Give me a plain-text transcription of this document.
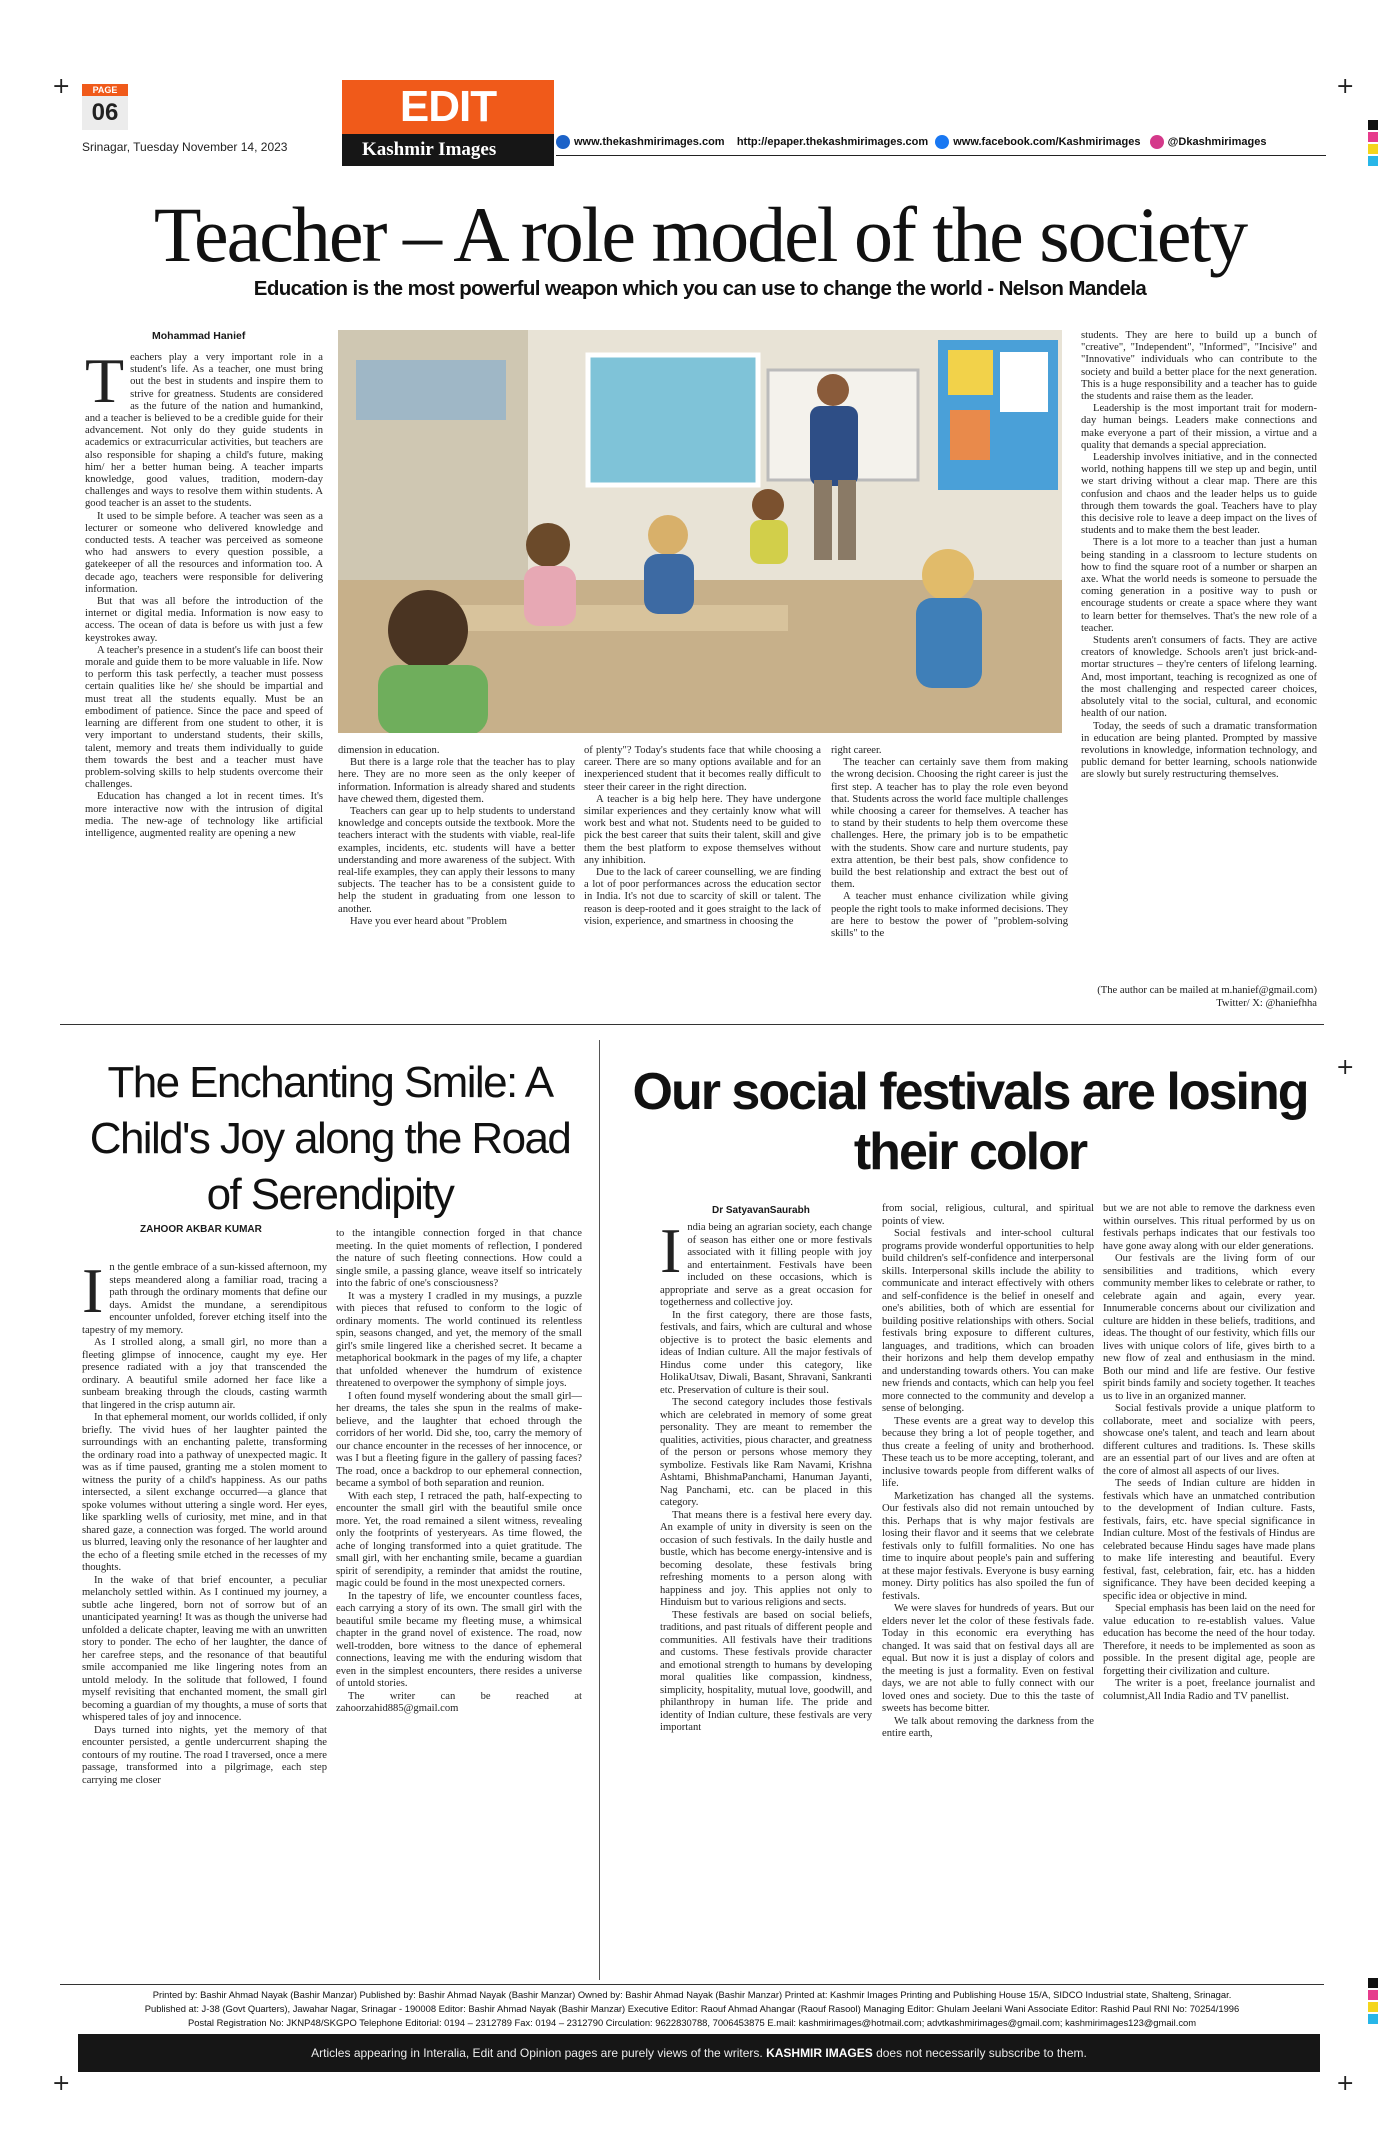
+	+
+
+	+
PAGE
06
Srinagar, Tuesday November 14, 2023
EDIT
Kashmir Images	www.thekashmirimages.com http://epaper.thekashmirimages.com www.facebook.com/Kashmirimages @Dkashmirimages
Teacher – A role model of the society
Education is the most powerful weapon which you can use to change the world - Nelson Mandela
Mohammad Hanief
T eachers play a very important role in a student's life. As a teacher, one must bring out the best in students and inspire them to strive for greatness. Students are considered as the future of the nation and humankind, and a teacher is believed to be a credible guide for their advancement. Not only do they guide students in academics or extracurricular activities, but teachers are also responsible for shaping a child's future, making him/ her a better human being. A teacher imparts knowledge, good values, tradition, modern-day challenges and ways to resolve them within students. A good teacher is an asset to the students.

It used to be simple before. A teacher was seen as a lecturer or someone who delivered knowledge and conducted tests. A teacher was perceived as someone who had answers to every question possible, a gatekeeper of all the resources and information too. A decade ago, teachers were responsible for delivering information.

But that was all before the introduction of the internet or digital media. Information is now easy to access. The ocean of data is before us with just a few keystrokes away.

A teacher's presence in a student's life can boost their morale and guide them to be more valuable in life. Now to perform this task perfectly, a teacher must possess certain qualities like he/ she should be impartial and must treat all the students equally. Must be an embodiment of patience. Since the pace and speed of learning are different from one student to other, it is very important to understand students, their skills, talent, memory and treats them individually to guide them towards the best and a teacher must have problem-solving skills to help students overcome their challenges.

Education has changed a lot in recent times. It's more interactive now with the intrusion of digital media. The new-age of technology like artificial intelligence, augmented reality are opening a new

dimension in education.

But there is a large role that the teacher has to play here. They are no more seen as the only keeper of information. Information is already shared and students have chewed them, digested them.

Teachers can gear up to help students to understand knowledge and concepts outside the textbook. More the teachers interact with the students with viable, real-life examples, incidents, etc. students will have a better understanding and more awareness of the subject. With real-life examples, they can apply their lessons to many subjects. The teacher has to be a consistent guide to help the student in graduating from one lesson to another.

Have you ever heard about "Problem

of plenty"? Today's students face that while choosing a career. There are so many options available and for an inexperienced student that it becomes really difficult to steer their career in the right direction.

A teacher is a big help here. They have undergone similar experiences and they certainly know what will work best and what not. Students need to be guided to pick the best career that suits their talent, skill and give them the best platform to expose themselves without any inhibition.

Due to the lack of career counselling, we are finding a lot of poor performances across the education sector in India. It's not due to scarcity of skill or talent. The reason is deep-rooted and it goes straight to the lack of vision, experience, and smartness in choosing the

right career.

The teacher can certainly save them from making the wrong decision. Choosing the right career is just the first step. A teacher has to play the role even beyond that. Students across the world face multiple challenges while choosing a career for themselves. A teacher has to stand by their students to help them overcome these challenges. Here, the primary job is to be empathetic with the students. Show care and nurture students, pay extra attention, be their best pals, show confidence to build the best relationship and extract the best out of them.

A teacher must enhance civilization while giving people the right tools to make informed decisions. They are here to bestow the power of "problem-solving skills" to the

students. They are here to build up a bunch of "creative", "Independent", "Informed", "Incisive" and "Innovative" individuals who can contribute to the society and build a better place for the next generation. This is a huge responsibility and a teacher has to guide the students and raise them as the leader.

Leadership is the most important trait for modern-day human beings. Leaders make connections and make everyone a part of their mission, a virtue and a quality that demands a special appreciation.

Leadership involves initiative, and in the connected world, nothing happens till we step up and begin, until we start driving without a clear map. There are this confusion and chaos and the leader helps us to guide through them towards the goal. Teachers have to play this decisive role to leave a deep impact on the lives of students and to make them the best leader.

There is a lot more to a teacher than just a human being standing in a classroom to lecture students on how to find the square root of a number or sharpen an axe. What the world needs is someone to persuade the coming generation in a positive way to push or encourage students or create a space where they want to learn better for themselves. That's the new role of a teacher.

Students aren't consumers of facts. They are active creators of knowledge. Schools aren't just brick-and-mortar structures – they're centers of lifelong learning. And, most important, teaching is recognized as one of the most challenging and respected career choices, absolutely vital to the social, cultural, and economic health of our nation.

Today, the seeds of such a dramatic transformation in education are being planted. Prompted by massive revolutions in knowledge, information technology, and public demand for better learning, schools nationwide are slowly but surely restructuring themselves.

(The author can be mailed at m.hanief@gmail.com) Twitter/ X: @haniefhha
The Enchanting Smile: A Child's Joy along the Road of Serendipity
ZAHOOR AKBAR KUMAR
I n the gentle embrace of a sun-kissed afternoon, my steps meandered along a familiar road, tracing a path through the ordinary moments that define our days. Amidst the mundane, a serendipitous encounter unfolded, forever etching itself into the tapestry of my memory.

As I strolled along, a small girl, no more than a fleeting glimpse of innocence, caught my eye. Her presence radiated with a joy that transcended the ordinary. A beautiful smile adorned her face like a sunbeam breaking through the clouds, casting warmth that lingered in the crisp autumn air.

In that ephemeral moment, our worlds collided, if only briefly. The vivid hues of her laughter painted the surroundings with an enchanting palette, transforming the ordinary road into a pathway of unexpected magic. It was as if time paused, granting me a stolen moment to witness the purity of a child's happiness. As our paths intersected, a silent exchange occurred—a glance that spoke volumes without uttering a single word. Her eyes, like sparkling wells of curiosity, met mine, and in that shared gaze, a connection was forged. The world around us blurred, leaving only the resonance of her laughter and the echo of a fleeting smile etched in the recesses of my thoughts.

In the wake of that brief encounter, a peculiar melancholy settled within. As I continued my journey, a subtle ache lingered, born not of sorrow but of an unanticipated yearning! It was as though the universe had unfolded a delicate chapter, leaving me with an unwritten story to ponder. The echo of her laughter, the dance of her carefree steps, and the resonance of that beautiful smile accompanied me like lingering notes from an untold melody. In the solitude that followed, I found myself revisiting that enchanted moment, the small girl becoming a guardian of my thoughts, a muse of sorts that whispered tales of joy and innocence.

Days turned into nights, yet the memory of that encounter persisted, a gentle undercurrent shaping the contours of my routine. The road I traversed, once a mere passage, transformed into a pilgrimage, each step carrying me closer

to the intangible connection forged in that chance meeting. In the quiet moments of reflection, I pondered the nature of such fleeting connections. How could a single smile, a passing glance, weave itself so intricately into the fabric of one's consciousness?

It was a mystery I cradled in my musings, a puzzle with pieces that refused to conform to the logic of ordinary moments. The world continued its relentless spin, seasons changed, and yet, the memory of the small girl's smile lingered like a cherished secret. It became a metaphorical bookmark in the pages of my life, a chapter that unfolded whenever the humdrum of existence threatened to overpower the symphony of simple joys.

I often found myself wondering about the small girl—her dreams, the tales she spun in the realms of make-believe, and the laughter that echoed through the corridors of her world. Did she, too, carry the memory of our chance encounter in the recesses of her innocence, or was I but a fleeting figure in the gallery of passing faces? The road, once a backdrop to our ephemeral connection, became a symbol of both separation and reunion.

With each step, I retraced the path, half-expecting to encounter the small girl with the beautiful smile once more. Yet, the road remained a silent witness, revealing only the footprints of yesteryears. As time flowed, the ache of longing transformed into a quiet gratitude. The small girl, with her enchanting smile, became a guardian spirit of serendipity, a reminder that amidst the routine, magic could be found in the most unexpected corners.

In the tapestry of life, we encounter countless faces, each carrying a story of its own. The small girl with the beautiful smile became my fleeting muse, a whimsical chapter in the grand novel of existence. The road, now well-trodden, bore witness to the dance of ephemeral connections, leaving me with the enduring wisdom that even in the simplest encounters, there resides a universe of untold stories.

The writer can be reached at zahoorzahid885@gmail.com

Our social festivals are losing their color
Dr SatyavanSaurabh
I ndia being an agrarian society, each change of season has either one or more festivals associated with it filling people with joy and entertainment. Festivals have been included on these occasions, which is appropriate and serve as a great occasion for togetherness and collective joy.

In the first category, there are those fasts, festivals, and fairs, which are cultural and whose objective is to protect the basic elements and ideas of Indian culture. All the major festivals of Hindus come under this category, like HolikaUtsav, Diwali, Basant, Shravani, Sankranti etc. Preservation of culture is their soul.

The second category includes those festivals which are celebrated in memory of some great personality. They are meant to remember the qualities, activities, pious character, and greatness of the person or persons whose memory they symbolize. Festivals like Ram Navami, Krishna Ashtami, BhishmaPanchami, Hanuman Jayanti, Nag Panchami, etc. can be placed in this category.

That means there is a festival here every day. An example of unity in diversity is seen on the occasion of such festivals. In the daily hustle and bustle, which has become energy-intensive and is becoming desolate, these festivals bring refreshing moments to a person along with happiness and joy. This applies not only to Hinduism but to various religions and sects.

These festivals are based on social beliefs, traditions, and past rituals of different people and communities. All festivals have their traditions and customs. These festivals provide character and emotional strength to humans by developing moral qualities like compassion, kindness, simplicity, hospitality, mutual love, goodwill, and philanthropy in human life. The pride and identity of Indian culture, these festivals are very important

from social, religious, cultural, and spiritual points of view.

Social festivals and inter-school cultural programs provide wonderful opportunities to help build children's self-confidence and interpersonal skills. Interpersonal skills include the ability to communicate and interact effectively with others and self-confidence is the belief in oneself and one's abilities, both of which are essential for building positive relationships with others. Social festivals bring exposure to different cultures, languages, and traditions, which can broaden their horizons and help them develop empathy and understanding towards others. You can make new friends and contacts, which can help you feel more connected to the community and develop a sense of belonging.

These events are a great way to develop this because they bring a lot of people together, and thus create a feeling of unity and brotherhood. These teach us to be more accepting, tolerant, and inclusive towards people from different walks of life.

Marketization has changed all the systems. Our festivals also did not remain untouched by this. Perhaps that is why major festivals are losing their flavor and it seems that we celebrate festivals only to fulfill formalities. No one has time to inquire about people's pain and suffering at these major festivals. Everyone is busy earning money. Dirty politics has also spoiled the fun of festivals.

We were slaves for hundreds of years. But our elders never let the color of these festivals fade. Today in this economic era everything has changed. It was said that on festival days all are equal. But now it is just a display of colors and the meeting is just a formality. Even on festival days, we are not able to fully connect with our loved ones and society. Due to this the taste of sweets has become bitter.

We talk about removing the darkness from the entire earth,

but we are not able to remove the darkness even within ourselves. This ritual performed by us on festivals perhaps indicates that our festivals too have gone away along with our elder generations.

Our festivals are the living form of our sensibilities and traditions, which every community member likes to celebrate or rather, to celebrate again and again, every year. Innumerable concerns about our civilization and culture are hidden in these beliefs, traditions, and ideas. The thought of our festivity, which fills our lives with unique colors of life, gives birth to a new flow of zeal and enthusiasm in the mind. Both our mind and life are festive. Our festive spirit binds family and society together. It teaches us to live in an organized manner.

Social festivals provide a unique platform to collaborate, meet and socialize with peers, showcase one's talent, and teach and learn about different cultures and traditions. Is. These skills are an essential part of our lives and are often at the core of almost all aspects of our lives.

The seeds of Indian culture are hidden in festivals which have an unmatched contribution to the development of Indian culture. Fasts, festivals, fairs, etc. have special significance in Indian culture. Most of the festivals of Hindus are celebrated because Hindu sages have made plans to make life interesting and beautiful. Every festival, fast, celebration, fair, etc. has a hidden significance. They have been decided keeping a specific idea or objective in mind.

Special emphasis has been laid on the need for value education to re-establish values. Value education has become the need of the hour today. Therefore, it needs to be implemented as soon as possible. In the present digital age, people are forgetting their civilization and culture.

The writer is a poet, freelance journalist and columnist,All India Radio and TV panellist.

Printed by: Bashir Ahmad Nayak (Bashir Manzar) Published by: Bashir Ahmad Nayak (Bashir Manzar) Owned by: Bashir Ahmad Nayak (Bashir Manzar) Printed at: Kashmir Images Printing and Publishing House 15/A, SIDCO Industrial state, Shalteng, Srinagar.
Published at: J-38 (Govt Quarters), Jawahar Nagar, Srinagar - 190008 Editor: Bashir Ahmad Nayak (Bashir Manzar) Executive Editor: Raouf Ahmad Ahangar (Raouf Rasool) Managing Editor: Ghulam Jeelani Wani Associate Editor: Rashid Paul RNI No: 70254/1996
Postal Registration No: JKNP48/SKGPO Telephone Editorial: 0194 – 2312789 Fax: 0194 – 2312790 Circulation: 9622830788, 7006453875 E.mail: kashmirimages@hotmail.com; advtkashmirimages@gmail.com; kashmirimages123@gmail.com
Articles appearing in Interalia, Edit and Opinion pages are purely views of the writers. KASHMIR IMAGES does not necessarily subscribe to them.
